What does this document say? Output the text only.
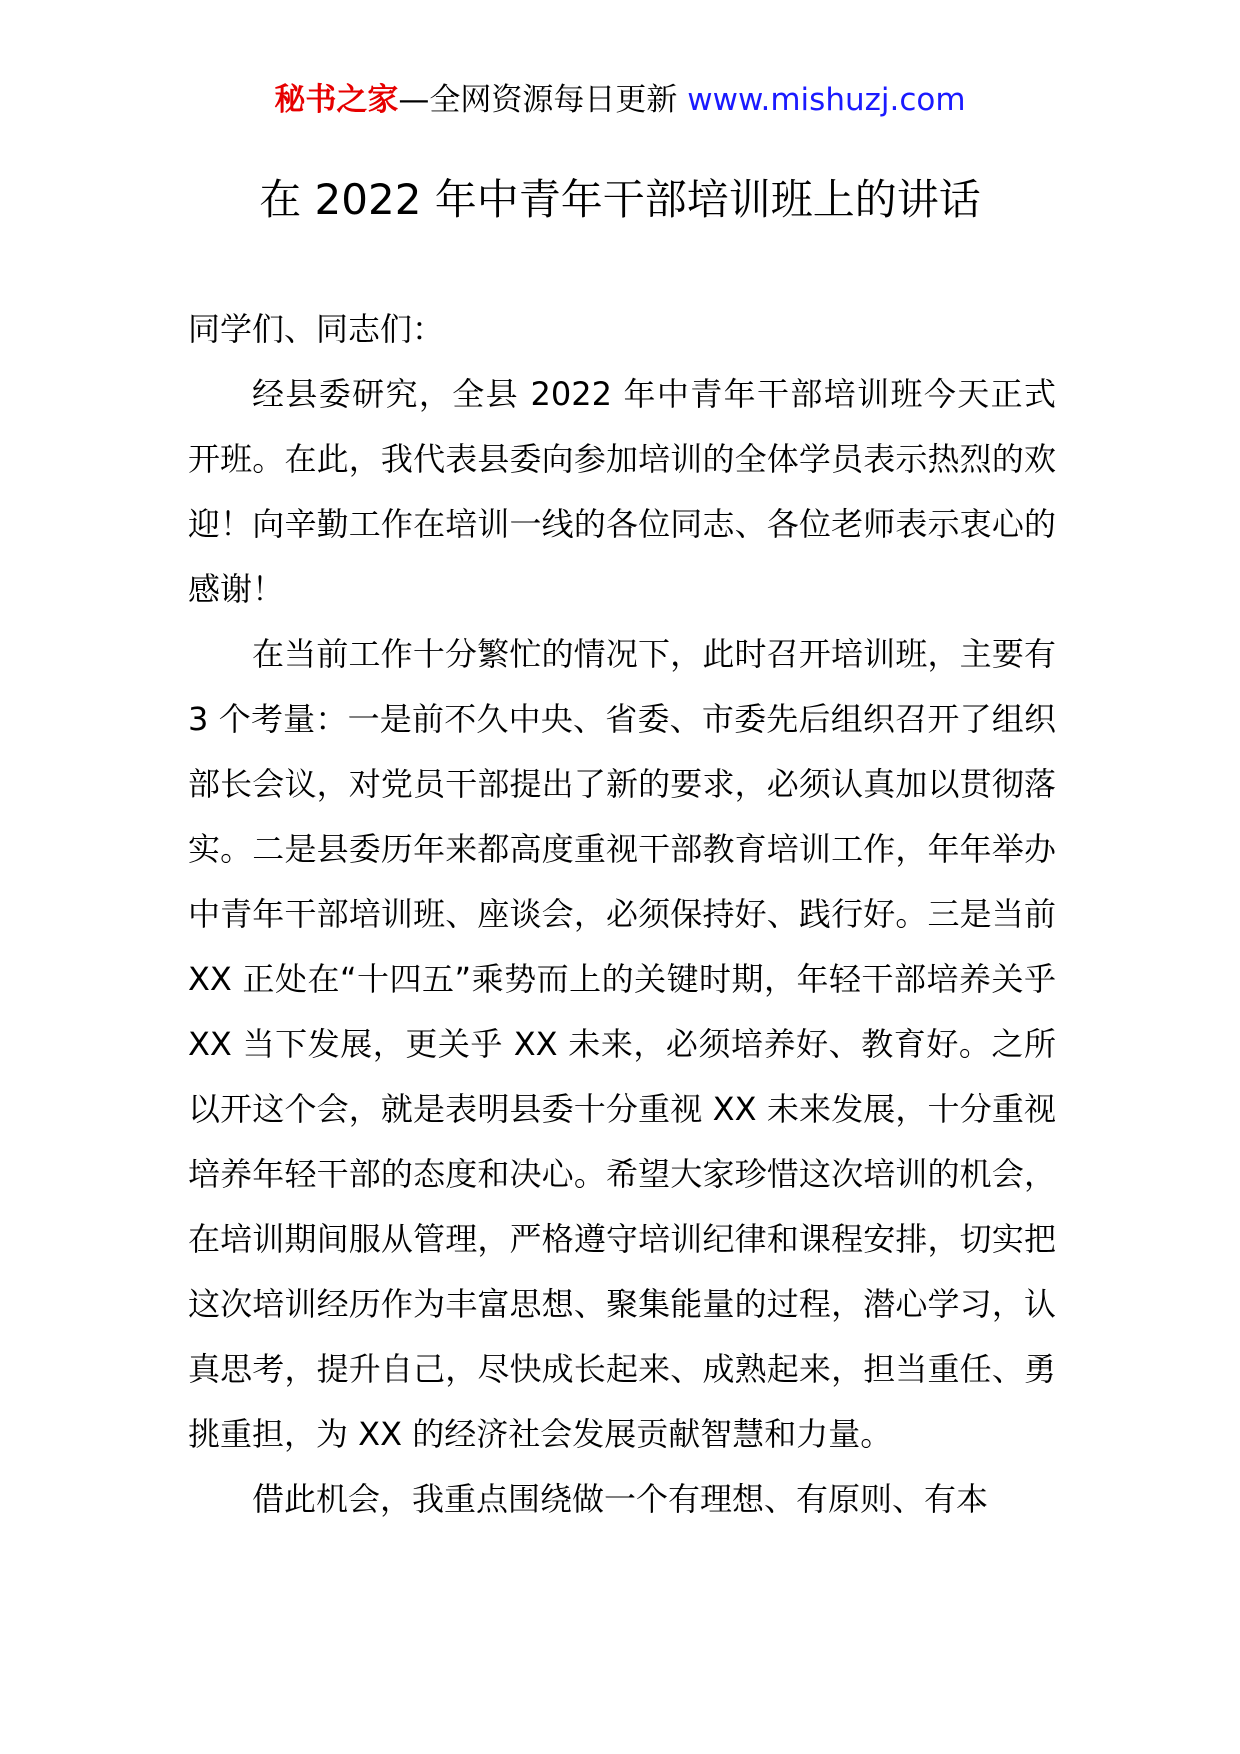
秘书之家—全网资源每日更新 www.mishuzj.com
在 2022 年中青年干部培训班上的讲话

同学们、同志们：

经县委研究，全县 2022 年中青年干部培训班今天正式开班。在此，我代表县委向参加培训的全体学员表示热烈的欢迎！向辛勤工作在培训一线的各位同志、各位老师表示衷心的感谢！

在当前工作十分繁忙的情况下，此时召开培训班，主要有 3 个考量：一是前不久中央、省委、市委先后组织召开了组织部长会议，对党员干部提出了新的要求，必须认真加以贯彻落实。二是县委历年来都高度重视干部教育培训工作，年年举办中青年干部培训班、座谈会，必须保持好、践行好。三是当前 XX 正处在“十四五”乘势而上的关键时期，年轻干部培养关乎 XX 当下发展，更关乎 XX 未来，必须培养好、教育好。之所以开这个会，就是表明县委十分重视 XX 未来发展，十分重视培养年轻干部的态度和决心。希望大家珍惜这次培训的机会，在培训期间服从管理，严格遵守培训纪律和课程安排，切实把这次培训经历作为丰富思想、聚集能量的过程，潜心学习，认真思考，提升自己，尽快成长起来、成熟起来，担当重任、勇挑重担，为 XX 的经济社会发展贡献智慧和力量。

借此机会，我重点围绕做一个有理想、有原则、有本
